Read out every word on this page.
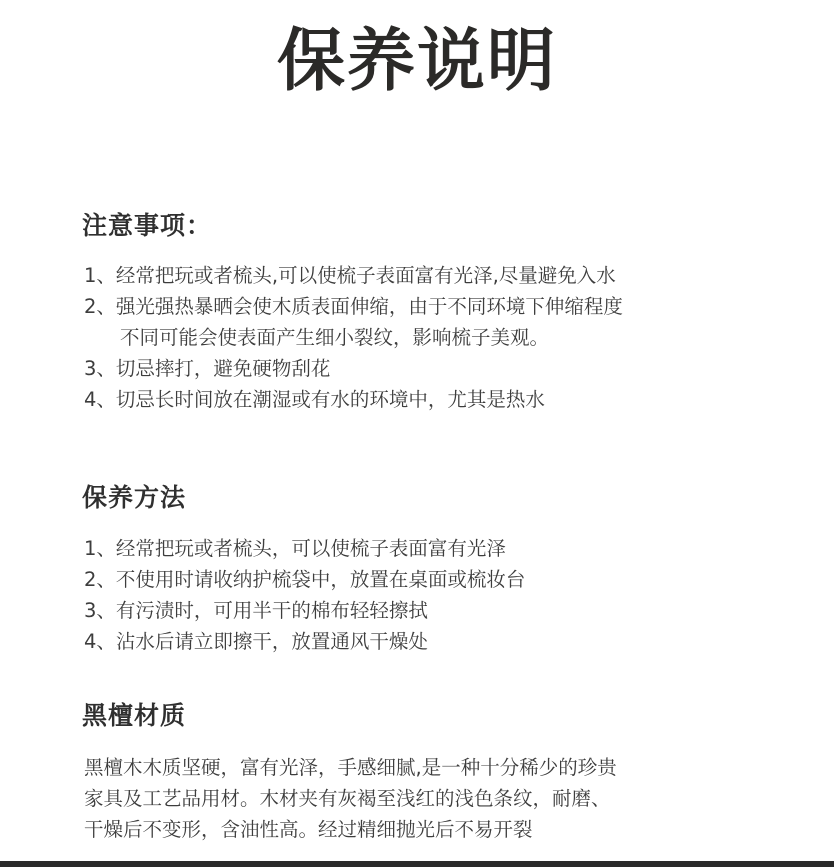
保养说明
注意事项：
1、经常把玩或者梳头,可以使梳子表面富有光泽,尽量避免入水
2、强光强热暴晒会使木质表面伸缩，由于不同环境下伸缩程度
不同可能会使表面产生细小裂纹，影响梳子美观。
3、切忌摔打，避免硬物刮花
4、切忌长时间放在潮湿或有水的环境中，尤其是热水
保养方法
1、经常把玩或者梳头，可以使梳子表面富有光泽
2、不使用时请收纳护梳袋中，放置在桌面或梳妆台
3、有污渍时，可用半干的棉布轻轻擦拭
4、沾水后请立即擦干，放置通风干燥处
黑檀材质
黑檀木木质坚硬，富有光泽，手感细腻,是一种十分稀少的珍贵
家具及工艺品用材。木材夹有灰褐至浅红的浅色条纹，耐磨、
干燥后不变形，含油性高。经过精细抛光后不易开裂
